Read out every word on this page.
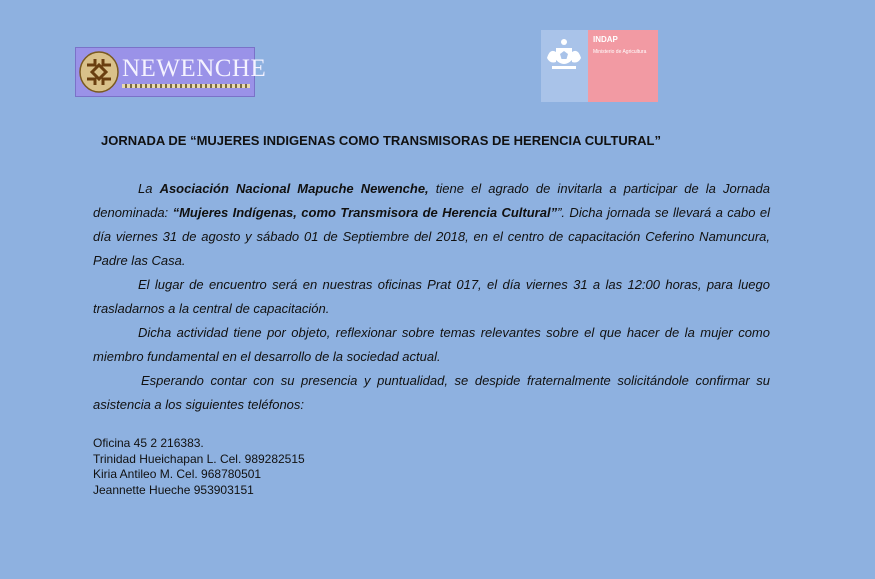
NEWENCHE
INDAP
Ministerio de Agricultura
JORNADA DE “MUJERES INDIGENAS COMO TRANSMISORAS DE HERENCIA CULTURAL”

La Asociación Nacional Mapuche Newenche, tiene el agrado de invitarla a participar de la Jornada denominada: “Mujeres Indígenas, como Transmisora de Herencia Cultural””. Dicha jornada se llevará a cabo el día viernes 31 de agosto y sábado 01 de Septiembre del 2018, en el centro de capacitación Ceferino Namuncura, Padre las Casa.

El lugar de encuentro será en nuestras oficinas Prat 017, el día viernes 31 a las 12:00 horas, para luego trasladarnos a la central de capacitación.

Dicha actividad tiene por objeto, reflexionar sobre temas relevantes sobre el que hacer de la mujer como miembro fundamental en el desarrollo de la sociedad actual.

Esperando contar con su presencia y puntualidad, se despide fraternalmente solicitándole confirmar su asistencia a los siguientes teléfonos:

Oficina 45 2 216383.
Trinidad Hueichapan L. Cel. 989282515
Kiria Antileo M. Cel. 968780501
Jeannette Hueche 953903151
